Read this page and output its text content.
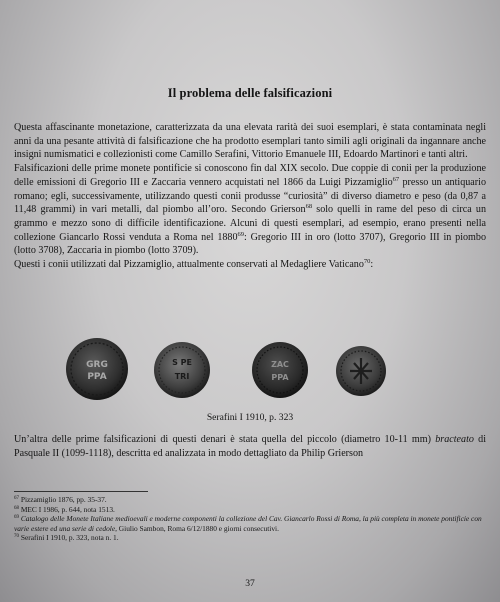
Il problema delle falsificazioni

Questa affascinante monetazione, caratterizzata da una elevata rarità dei suoi esemplari, è stata contaminata negli anni da una pesante attività di falsificazione che ha prodotto esemplari tanto simili agli originali da ingannare anche insigni numismatici e collezionisti come Camillo Serafini, Vittorio Emanuele III, Edoardo Martinori e tanti altri.

Falsificazioni delle prime monete pontificie si conoscono fin dal XIX secolo. Due coppie di conii per la produzione delle emissioni di Gregorio III e Zaccaria vennero acquistati nel 1866 da Luigi Pizzamiglio$^{67}$ presso un antiquario romano; egli, successivamente, utilizzando questi conii produsse “curiosità” di diverso diametro e peso (da 0,87 a 11,48 grammi) in vari metalli, dal piombo all’oro. Secondo Grierson$^{68}$ solo quelli in rame del peso di circa un grammo e mezzo sono di difficile identificazione. Alcuni di questi esemplari, ad esempio, erano presenti nella collezione Giancarlo Rossi venduta a Roma nel 1880$^{69}$: Gregorio III in oro (lotto 3707), Gregorio III in piombo (lotto 3708), Zaccaria in piombo (lotto 3709).

Questi i conii utilizzati dal Pizzamiglio, attualmente conservati al Medagliere Vaticano$^{70}$:

GRG
PPA
S PE
TRI
ZAC
PPA
Serafini I 1910, p. 323

Un’altra delle prime falsificazioni di questi denari è stata quella del piccolo (diametro 10-11 mm) bracteato di Pasquale II (1099-1118), descritta ed analizzata in modo dettagliato da Philip Grierson

$^{67}$ Pizzamiglio 1876, pp. 35-37.
$^{68}$ MEC I 1986, p. 644, nota 1513.
$^{69}$ Catalogo delle Monete Italiane medioevali e moderne componenti la collezione del Cav. Giancarlo Rossi di Roma, la più completa in monete pontificie con varie estere ed una serie di cedole, Giulio Sambon, Roma 6/12/1880 e giorni consecutivi.
$^{70}$ Serafini I 1910, p. 323, nota n. 1.
37
